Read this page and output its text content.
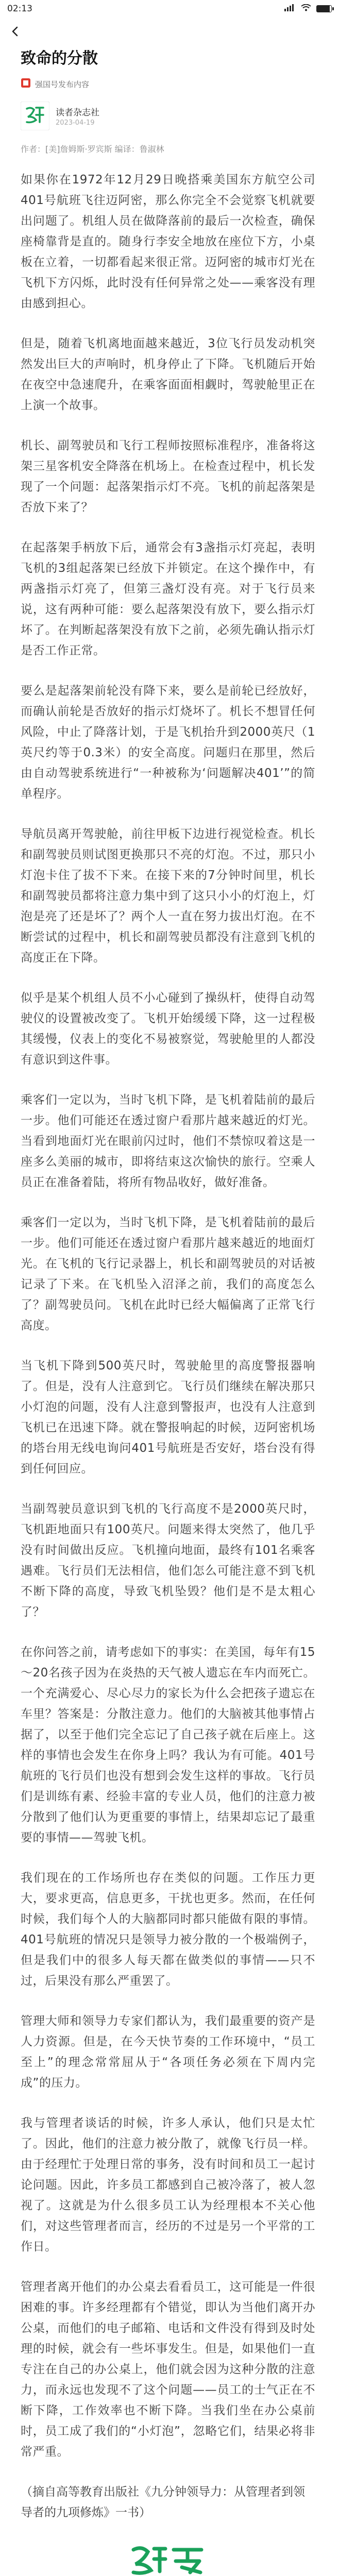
02:13
致命的分散
强国号发布内容
读者杂志社
2023-04-19
作者：[美]詹姆斯·罗宾斯 编译：鲁淑林

如果你在1972年12月29日晚搭乘美国东方航空公司401号航班飞往迈阿密，那么你完全不会觉察飞机就要出问题了。机组人员在做降落前的最后一次检查，确保座椅靠背是直的。随身行李安全地放在座位下方，小桌板在立着，一切都看起来很正常。迈阿密的城市灯光在飞机下方闪烁，此时没有任何异常之处——乘客没有理由感到担心。

但是，随着飞机离地面越来越近，3位飞行员发动机突然发出巨大的声响时，机身停止了下降。飞机随后开始在夜空中急速爬升，在乘客面面相觑时，驾驶舱里正在上演一个故事。

机长、副驾驶员和飞行工程师按照标准程序，准备将这架三星客机安全降落在机场上。在检查过程中，机长发现了一个问题：起落架指示灯不亮。飞机的前起落架是否放下来了？

在起落架手柄放下后，通常会有3盏指示灯亮起，表明飞机的3组起落架已经放下并锁定。在这个操作中，有两盏指示灯亮了，但第三盏灯没有亮。对于飞行员来说，这有两种可能：要么起落架没有放下，要么指示灯坏了。在判断起落架没有放下之前，必须先确认指示灯是否工作正常。

要么是起落架前轮没有降下来，要么是前轮已经放好，而确认前轮是否放好的指示灯烧坏了。机长不想冒任何风险，中止了降落计划，于是飞机抬升到2000英尺（1英尺约等于0.3米）的安全高度。问题归在那里，然后由自动驾驶系统进行“一种被称为‘问题解决401’”的简单程序。

导航员离开驾驶舱，前往甲板下边进行视觉检查。机长和副驾驶员则试图更换那只不亮的灯泡。不过，那只小灯泡卡住了拔不下来。在接下来的7分钟时间里，机长和副驾驶员都将注意力集中到了这只小小的灯泡上，灯泡是亮了还是坏了？两个人一直在努力拔出灯泡。在不断尝试的过程中，机长和副驾驶员都没有注意到飞机的高度正在下降。

似乎是某个机组人员不小心碰到了操纵杆，使得自动驾驶仪的设置被改变了。飞机开始缓缓下降，这一过程极其缓慢，仪表上的变化不易被察觉，驾驶舱里的人都没有意识到这件事。

乘客们一定以为，当时飞机下降，是飞机着陆前的最后一步。他们可能还在透过窗户看那片越来越近的灯光。当看到地面灯光在眼前闪过时，他们不禁惊叹着这是一座多么美丽的城市，即将结束这次愉快的旅行。空乘人员正在准备着陆，将所有物品收好，做好准备。

乘客们一定以为，当时飞机下降，是飞机着陆前的最后一步。他们可能还在透过窗户看那片越来越近的地面灯光。在飞机的飞行记录器上，机长和副驾驶员的对话被记录了下来。在飞机坠入沼泽之前，我们的高度怎么了？副驾驶员问。飞机在此时已经大幅偏离了正常飞行高度。

当飞机下降到500英尺时，驾驶舱里的高度警报器响了。但是，没有人注意到它。飞行员们继续在解决那只小灯泡的问题，没有人注意到警报声，也没有人注意到飞机已在迅速下降。就在警报响起的时候，迈阿密机场的塔台用无线电询问401号航班是否安好，塔台没有得到任何回应。

当副驾驶员意识到飞机的飞行高度不是2000英尺时，飞机距地面只有100英尺。问题来得太突然了，他几乎没有时间做出反应。飞机撞向地面，最终有101名乘客遇难。飞行员们无法相信，他们怎么可能注意不到飞机不断下降的高度，导致飞机坠毁？他们是不是太粗心了？

在你问答之前，请考虑如下的事实：在美国，每年有15～20名孩子因为在炎热的天气被人遗忘在车内而死亡。一个充满爱心、尽心尽力的家长为什么会把孩子遗忘在车里？答案是：分散注意力。他们的大脑被其他事情占据了，以至于他们完全忘记了自己孩子就在后座上。这样的事情也会发生在你身上吗？我认为有可能。401号航班的飞行员们也没有想到会发生这样的事故。飞行员们是训练有素、经验丰富的专业人员，他们的注意力被分散到了他们认为更重要的事情上，结果却忘记了最重要的事情——驾驶飞机。

我们现在的工作场所也存在类似的问题。工作压力更大，要求更高，信息更多，干扰也更多。然而，在任何时候，我们每个人的大脑都同时都只能做有限的事情。401号航班的情况只是领导力被分散的一个极端例子，但是我们中的很多人每天都在做类似的事情——只不过，后果没有那么严重罢了。

管理大师和领导力专家们都认为，我们最重要的资产是人力资源。但是，在今天快节奏的工作环境中，“员工至上”的理念常常屈从于“各项任务必须在下周内完成”的压力。

我与管理者谈话的时候，许多人承认，他们只是太忙了。因此，他们的注意力被分散了，就像飞行员一样。由于经理忙于处理日常的事务，没有时间和员工一起讨论问题。因此，许多员工都感到自己被冷落了，被人忽视了。这就是为什么很多员工认为经理根本不关心他们，对这些管理者而言，经历的不过是另一个平常的工作日。

管理者离开他们的办公桌去看看员工，这可能是一件很困难的事。许多经理都有个错觉，即认为当他们离开办公桌，而他们的电子邮箱、电话和文件没有得到及时处理的时候，就会有一些坏事发生。但是，如果他们一直专注在自己的办公桌上，他们就会因为这种分散的注意力，而永远也发现不了这个问题——员工的士气正在不断下降，工作效率也不断下降。当我们坐在办公桌前时，员工成了我们的“小灯泡”，忽略它们，结果必将非常严重。

（摘自高等教育出版社《九分钟领导力：从管理者到领导者的九项修炼》一书）
